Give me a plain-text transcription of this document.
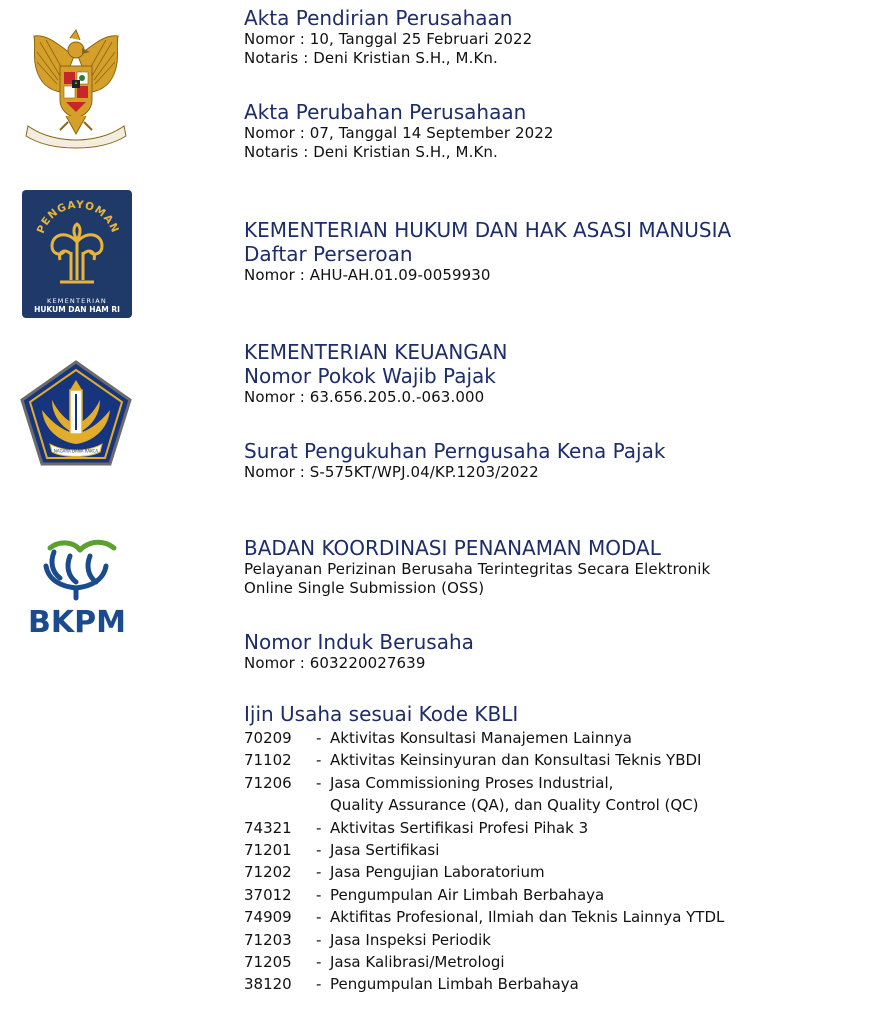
Akta Pendirian Perusahaan
Nomor : 10, Tanggal 25 Februari 2022
Notaris : Deni Kristian S.H., M.Kn.
Akta Perubahan Perusahaan
Nomor : 07, Tanggal 14 September 2022
Notaris : Deni Kristian S.H., M.Kn.
PENGAYOMAN
KEMENTERIAN
HUKUM DAN HAM RI
KEMENTERIAN HUKUM DAN HAK ASASI MANUSIA
Daftar Perseroan
Nomor : AHU-AH.01.09-0059930
NAGARA DANA RAKCA
KEMENTERIAN KEUANGAN
Nomor Pokok Wajib Pajak
Nomor : 63.656.205.0.-063.000
Surat Pengukuhan Perngusaha Kena Pajak
Nomor : S-575KT/WPJ.04/KP.1203/2022
BKPM
BADAN KOORDINASI PENANAMAN MODAL
Pelayanan Perizinan Berusaha Terintegritas Secara Elektronik
Online Single Submission (OSS)
Nomor Induk Berusaha
Nomor : 603220027639
Ijin Usaha sesuai Kode KBLI
70209	- Aktivitas Konsultasi Manajemen Lainnya
71102	- Aktivitas Keinsinyuran dan Konsultasi Teknis YBDI
71206	- Jasa Commissioning Proses Industrial,
Quality Assurance (QA), dan Quality Control (QC)
74321	- Aktivitas Sertifikasi Profesi Pihak 3
71201	- Jasa Sertifikasi
71202	- Jasa Pengujian Laboratorium
37012	- Pengumpulan Air Limbah Berbahaya
74909	- Aktifitas Profesional, Ilmiah dan Teknis Lainnya YTDL
71203	- Jasa Inspeksi Periodik
71205	- Jasa Kalibrasi/Metrologi
38120	- Pengumpulan Limbah Berbahaya
